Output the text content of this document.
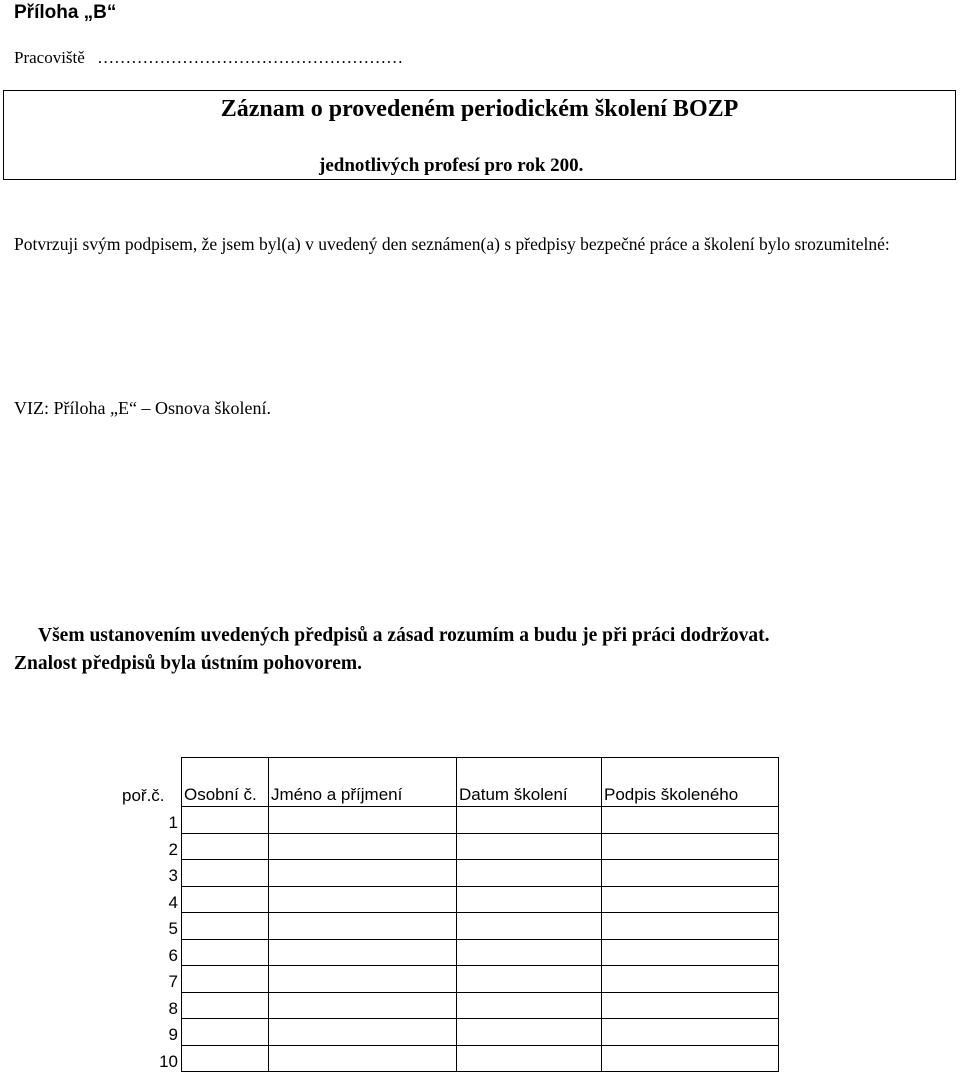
Příloha „B“
Pracoviště ………………………………………………
Záznam o provedeném periodickém školení BOZP
jednotlivých profesí pro rok 200.
Potvrzuji svým podpisem, že jsem byl(a) v uvedený den seznámen(a) s předpisy bezpečné práce a školení bylo srozumitelné:
VIZ: Příloha „E“ – Osnova školení.
Všem ustanovením uvedených předpisů a zásad rozumím a budu je při práci dodržovat.
Znalost předpisů byla ústním pohovorem.
poř.č.	Osobní č.	Jméno a příjmení	Datum školení	Podpis školeného
1				
2				
3				
4				
5				
6				
7				
8				
9				
10				
